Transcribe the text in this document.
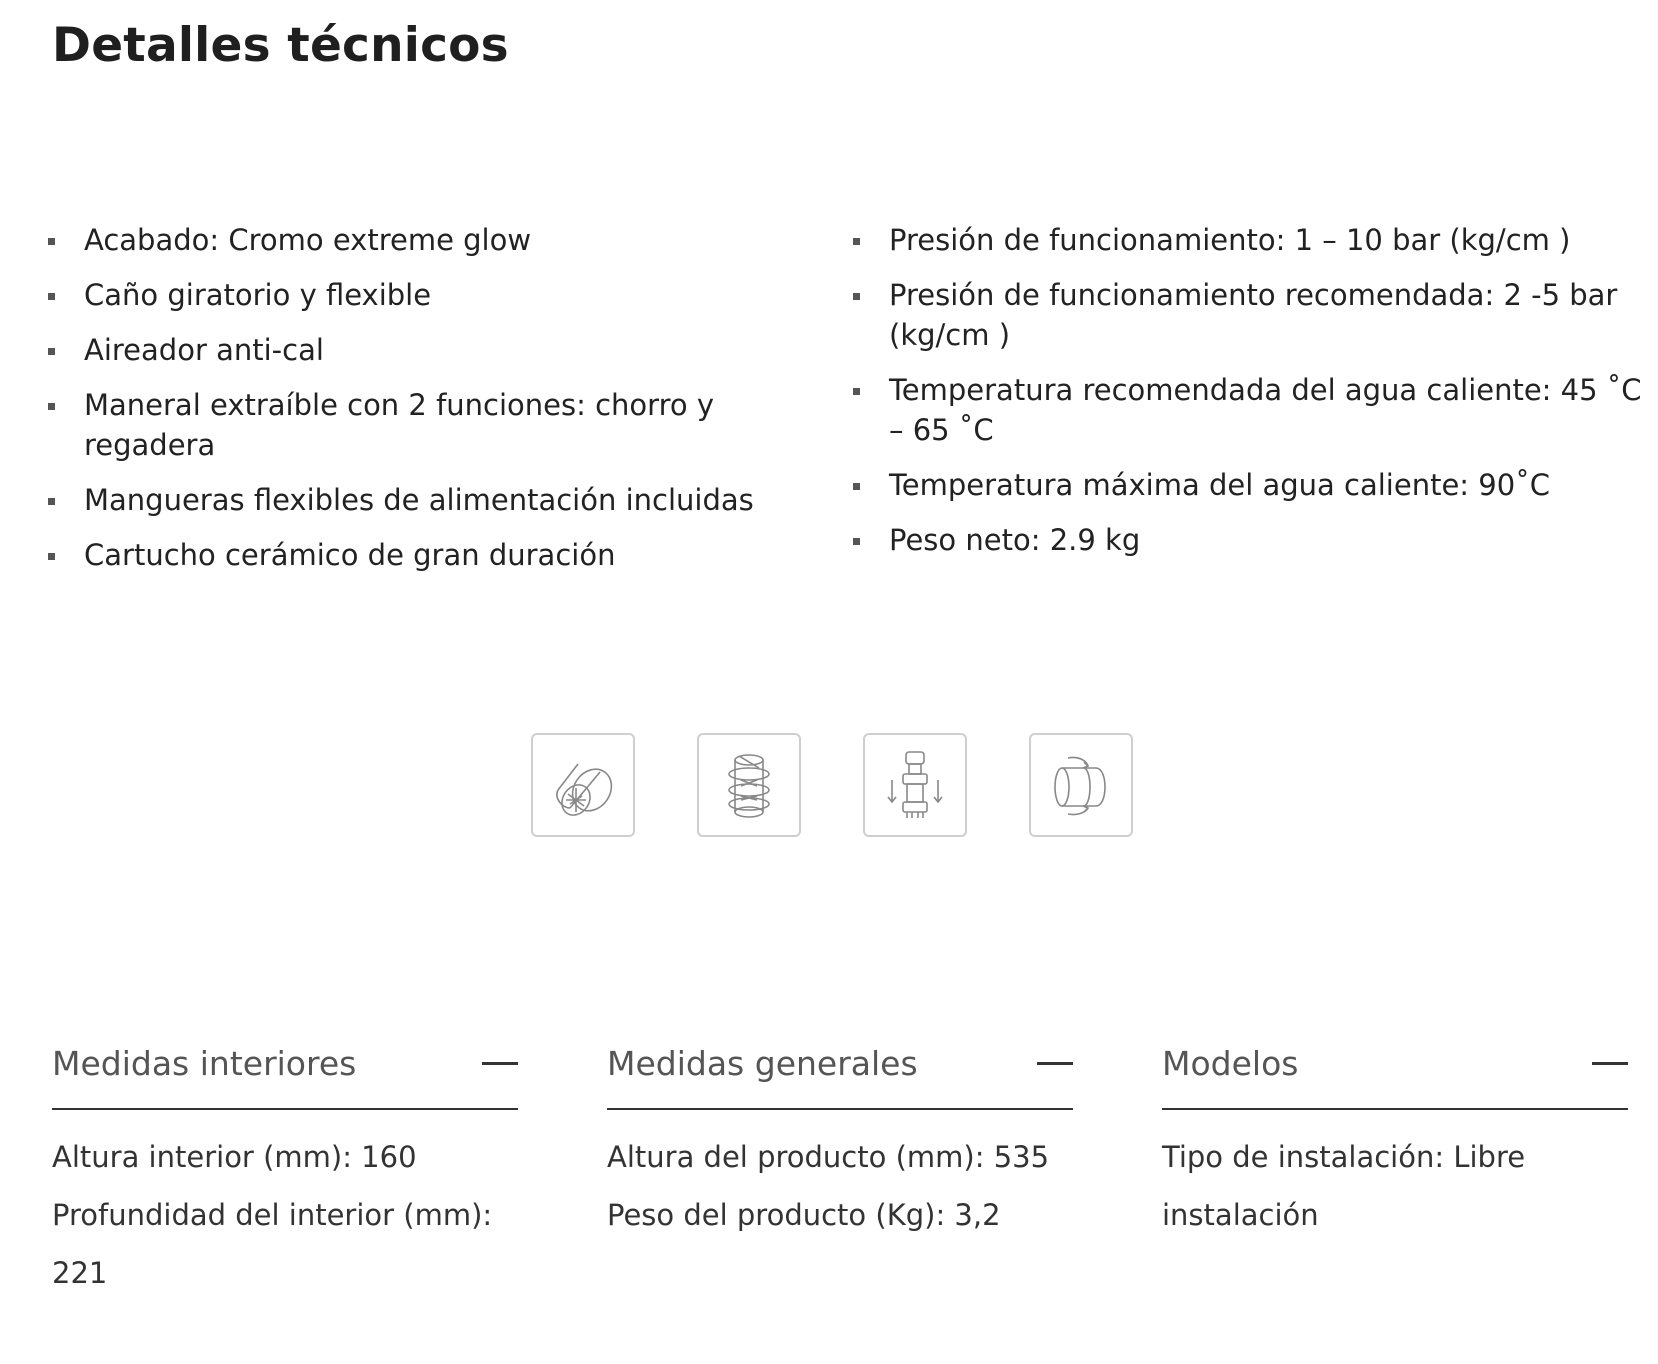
Detalles técnicos
Acabado: Cromo extreme glow
Caño giratorio y flexible
Aireador anti-cal
Maneral extraíble con 2 funciones: chorro y regadera
Mangueras flexibles de alimentación incluidas
Cartucho cerámico de gran duración
Presión de funcionamiento: 1 – 10 bar (kg/cm )
Presión de funcionamiento recomendada: 2 -5 bar (kg/cm )
Temperatura recomendada del agua caliente: 45 ˚C – 65 ˚C
Temperatura máxima del agua caliente: 90˚C
Peso neto: 2.9 kg
Medidas interiores

Altura interior (mm): 160

Profundidad del interior (mm): 221

Medidas generales

Altura del producto (mm): 535

Peso del producto (Kg): 3,2

Modelos

Tipo de instalación: Libre instalación
